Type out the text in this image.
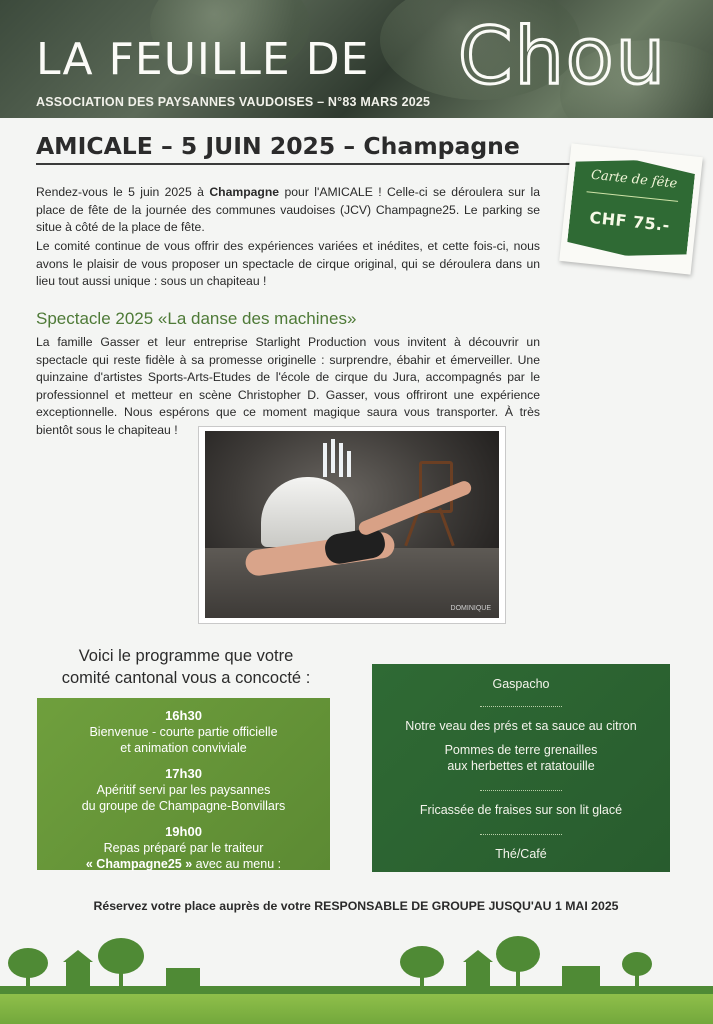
LA FEUILLE DE Chou
ASSOCIATION DES PAYSANNES VAUDOISES – N°83 MARS 2025
AMICALE – 5 JUIN 2025 – Champagne

Rendez-vous le 5 juin 2025 à Champagne pour l'AMICALE ! Celle-ci se déroulera sur la place de fête de la journée des communes vaudoises (JCV) Champagne25. Le parking se situe à côté de la place de fête.

Le comité continue de vous offrir des expériences variées et inédites, et cette fois-ci, nous avons le plaisir de vous proposer un spectacle de cirque original, qui se déroulera dans un lieu tout aussi unique : sous un chapiteau !

Spectacle 2025 «La danse des machines»

La famille Gasser et leur entreprise Starlight Production vous invitent à découvrir un spectacle qui reste fidèle à sa promesse originelle : surprendre, ébahir et émerveiller. Une quinzaine d'artistes Sports-Arts-Etudes de l'école de cirque du Jura, accompagnés par le professionnel et metteur en scène Christopher D. Gasser, vous offriront une expérience exceptionnelle. Nous espérons que ce moment magique saura vous transporter. À très bientôt sous le chapiteau !

Carte de fête
CHF 75.-
DOMINIQUE
Voici le programme que votre
comité cantonal vous a concocté :
16h30
Bienvenue - courte partie officielle
et animation conviviale
17h30
Apéritif servi par les paysannes
du groupe de Champagne-Bonvillars
19h00
Repas préparé par le traiteur
« Champagne25 » avec au menu :
Gaspacho
Notre veau des prés et sa sauce au citron
Pommes de terre grenailles
aux herbettes et ratatouille
Fricassée de fraises sur son lit glacé
Thé/Café

Réservez votre place auprès de votre RESPONSABLE DE GROUPE JUSQU'AU 1 MAI 2025
